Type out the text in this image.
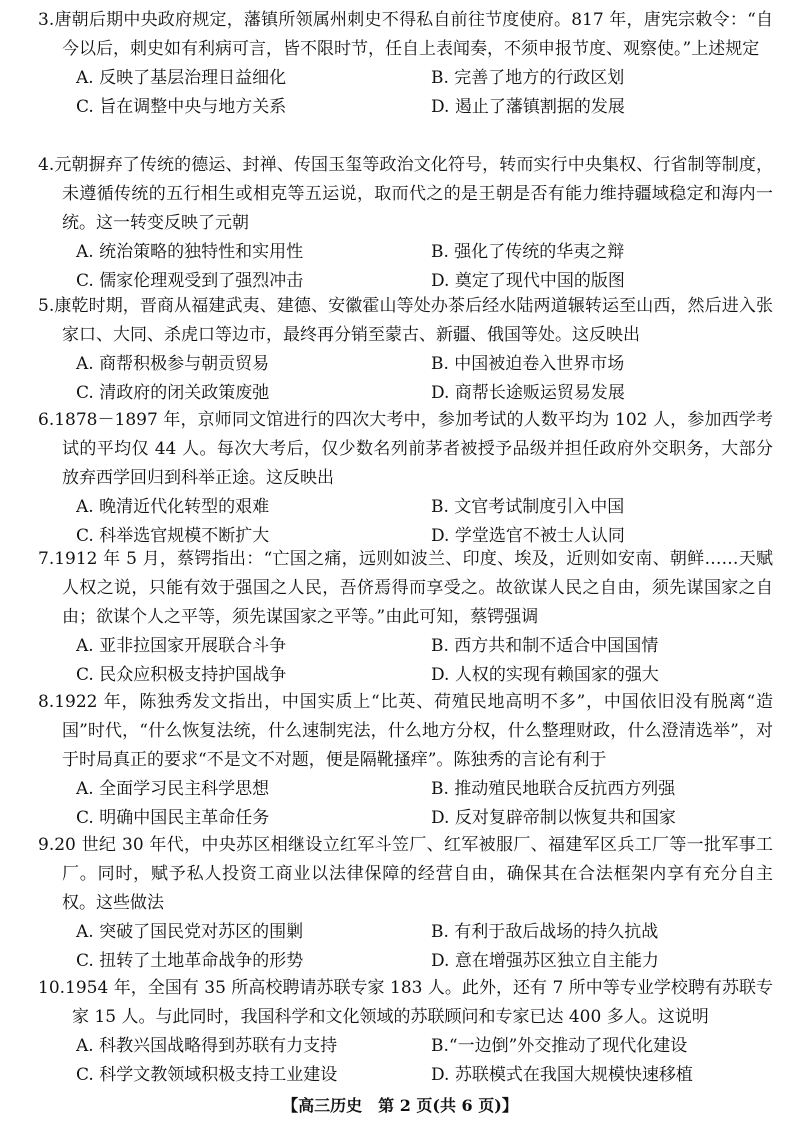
3.唐朝后期中央政府规定，藩镇所领属州刺史不得私自前往节度使府。817 年，唐宪宗敕令：“自今以后，刺史如有利病可言，皆不限时节，任自上表闻奏，不须申报节度、观察使。”上述规定

A. 反映了基层治理日益细化	B. 完善了地方的行政区划
C. 旨在调整中央与地方关系	D. 遏止了藩镇割据的发展

4.元朝摒弃了传统的德运、封禅、传国玉玺等政治文化符号，转而实行中央集权、行省制等制度，未遵循传统的五行相生或相克等五运说，取而代之的是王朝是否有能力维持疆域稳定和海内一统。这一转变反映了元朝

A. 统治策略的独特性和实用性	B. 强化了传统的华夷之辩
C. 儒家伦理观受到了强烈冲击	D. 奠定了现代中国的版图

5.康乾时期，晋商从福建武夷、建德、安徽霍山等处办茶后经水陆两道辗转运至山西，然后进入张家口、大同、杀虎口等边市，最终再分销至蒙古、新疆、俄国等处。这反映出

A. 商帮积极参与朝贡贸易	B. 中国被迫卷入世界市场
C. 清政府的闭关政策废弛	D. 商帮长途贩运贸易发展

6.1878－1897 年，京师同文馆进行的四次大考中，参加考试的人数平均为 102 人，参加西学考试的平均仅 44 人。每次大考后，仅少数名列前茅者被授予品级并担任政府外交职务，大部分放弃西学回归到科举正途。这反映出

A. 晚清近代化转型的艰难	B. 文官考试制度引入中国
C. 科举选官规模不断扩大	D. 学堂选官不被士人认同

7.1912 年 5 月，蔡锷指出：“亡国之痛，远则如波兰、印度、埃及，近则如安南、朝鲜……天赋人权之说，只能有效于强国之人民，吾侪焉得而享受之。故欲谋人民之自由，须先谋国家之自由；欲谋个人之平等，须先谋国家之平等。”由此可知，蔡锷强调

A. 亚非拉国家开展联合斗争	B. 西方共和制不适合中国国情
C. 民众应积极支持护国战争	D. 人权的实现有赖国家的强大

8.1922 年，陈独秀发文指出，中国实质上“比英、荷殖民地高明不多”，中国依旧没有脱离“造国”时代，“什么恢复法统，什么速制宪法，什么地方分权，什么整理财政，什么澄清选举”，对于时局真正的要求“不是文不对题，便是隔靴搔痒”。陈独秀的言论有利于

A. 全面学习民主科学思想	B. 推动殖民地联合反抗西方列强
C. 明确中国民主革命任务	D. 反对复辟帝制以恢复共和国家

9.20 世纪 30 年代，中央苏区相继设立红军斗笠厂、红军被服厂、福建军区兵工厂等一批军事工厂。同时，赋予私人投资工商业以法律保障的经营自由，确保其在合法框架内享有充分自主权。这些做法

A. 突破了国民党对苏区的围剿	B. 有利于敌后战场的持久抗战
C. 扭转了土地革命战争的形势	D. 意在增强苏区独立自主能力

10.1954 年，全国有 35 所高校聘请苏联专家 183 人。此外，还有 7 所中等专业学校聘有苏联专家 15 人。与此同时，我国科学和文化领域的苏联顾问和专家已达 400 多人。这说明

A. 科教兴国战略得到苏联有力支持	B.“一边倒”外交推动了现代化建设
C. 科学文教领域积极支持工业建设	D. 苏联模式在我国大规模快速移植
【高三历史　第 2 页(共 6 页)】
